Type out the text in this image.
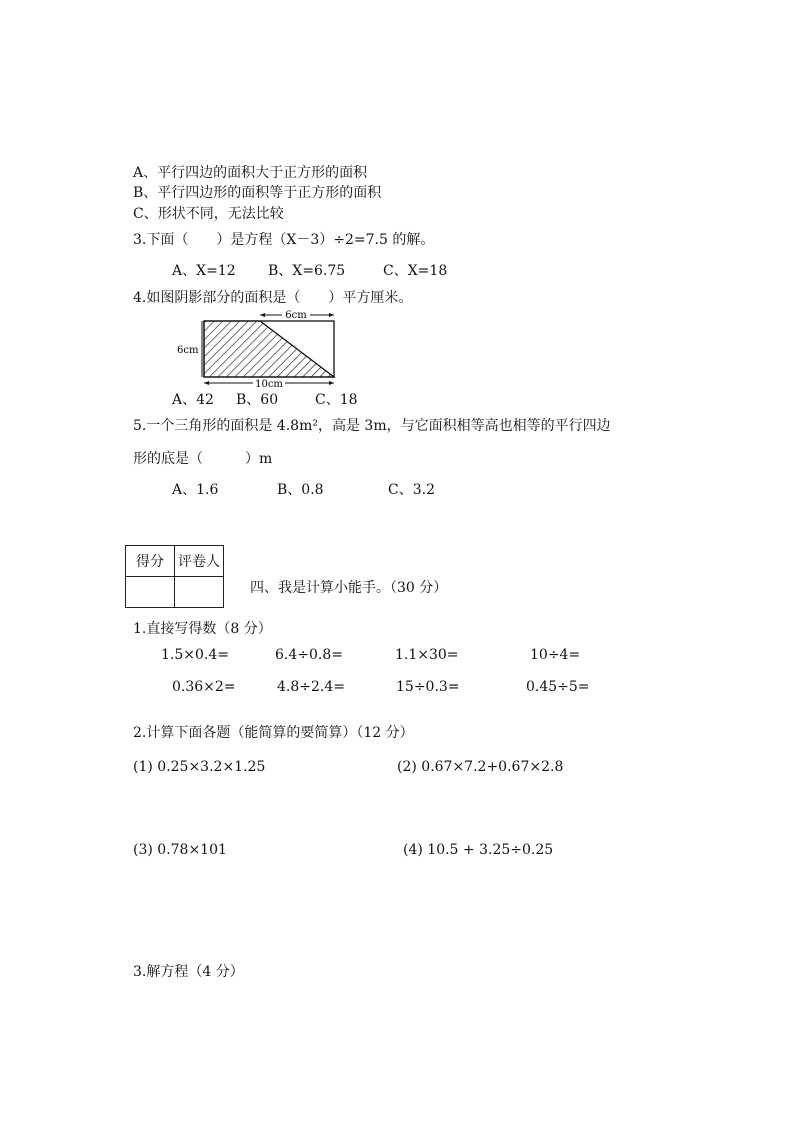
A、平行四边的面积大于正方形的面积
B、平行四边形的面积等于正方形的面积
C、形状不同，无法比较
3.下面（　　）是方程（X－3）÷2=7.5 的解。
A、X=12 B、X=6.75	C、X=18
4.如图阴影部分的面积是（　　）平方厘米。
6cm
6cm
10cm
A、42 B、60	C、18
5.一个三角形的面积是 4.8m²，高是 3m，与它面积相等高也相等的平行四边
形的底是（　　　）m
A、1.6	B、0.8	C、3.2
得分	评卷人

四、我是计算小能手。（30 分）
1.直接写得数（8 分）
1.5×0.4=	6.4÷0.8=	1.1×30=	10÷4=
0.36×2=	4.8÷2.4=	15÷0.3=	0.45÷5=
2.计算下面各题（能简算的要简算）（12 分）
(1) 0.25×3.2×1.25	(2) 0.67×7.2+0.67×2.8
(3) 0.78×101	(4) 10.5 + 3.25÷0.25
3.解方程（4 分）
